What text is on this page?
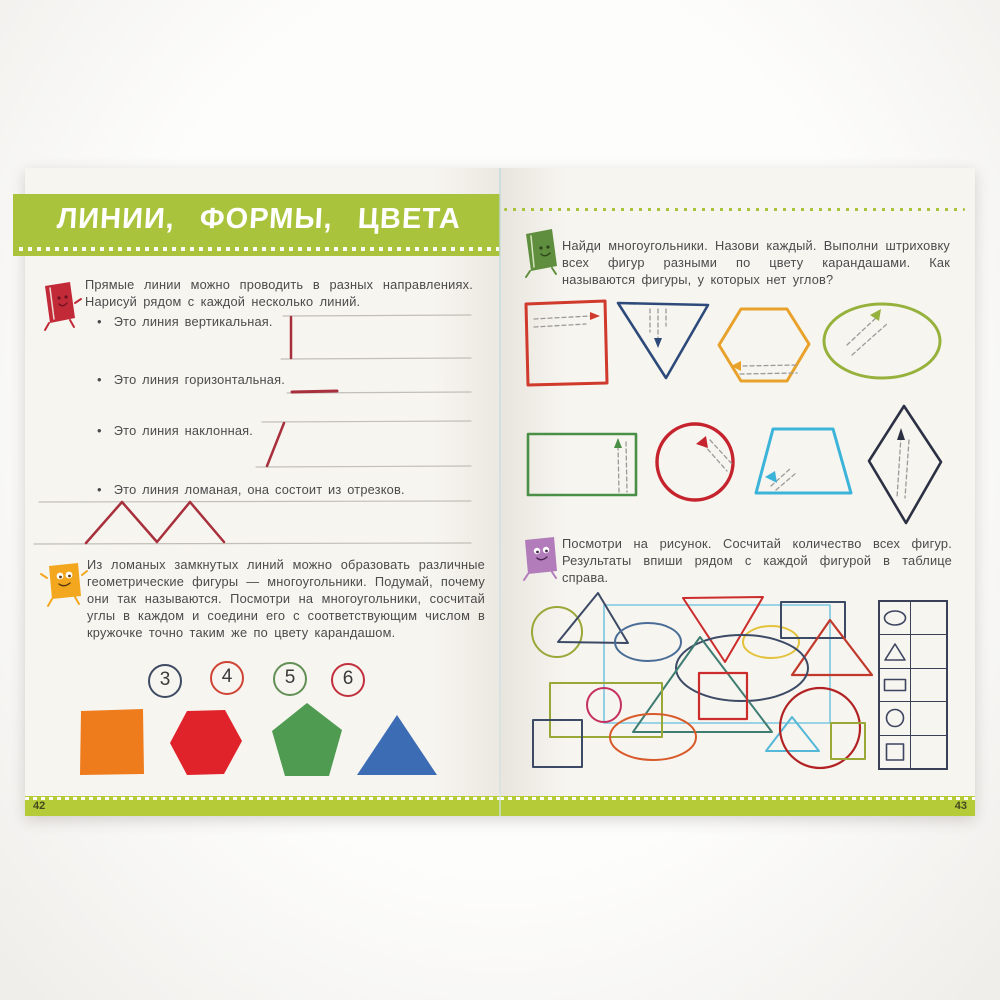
ЛИНИИ, ФОРМЫ, ЦВЕТА
Прямые линии можно проводить в разных направлениях. Нарисуй рядом с каждой несколько линий.
• Это линия вертикальная.
• Это линия горизонтальная.
• Это линия наклонная.
• Это линия ломаная, она состоит из отрезков.
Из ломаных замкнутых линий можно образовать различные геометрические фигуры — многоугольники. Подумай, почему они так называются. Посмотри на многоугольники, сосчитай углы в каждом и соедини его с соответствующим числом в кружочке точно таким же по цвету карандашом.
3	4	5	6
42
Найди многоугольники. Назови каждый. Выполни штриховку всех фигур разными по цвету карандашами. Как называются фигуры, у которых нет углов?
Посмотри на рисунок. Сосчитай количество всех фигур. Результаты впиши рядом с каждой фигурой в таблице справа.
43
